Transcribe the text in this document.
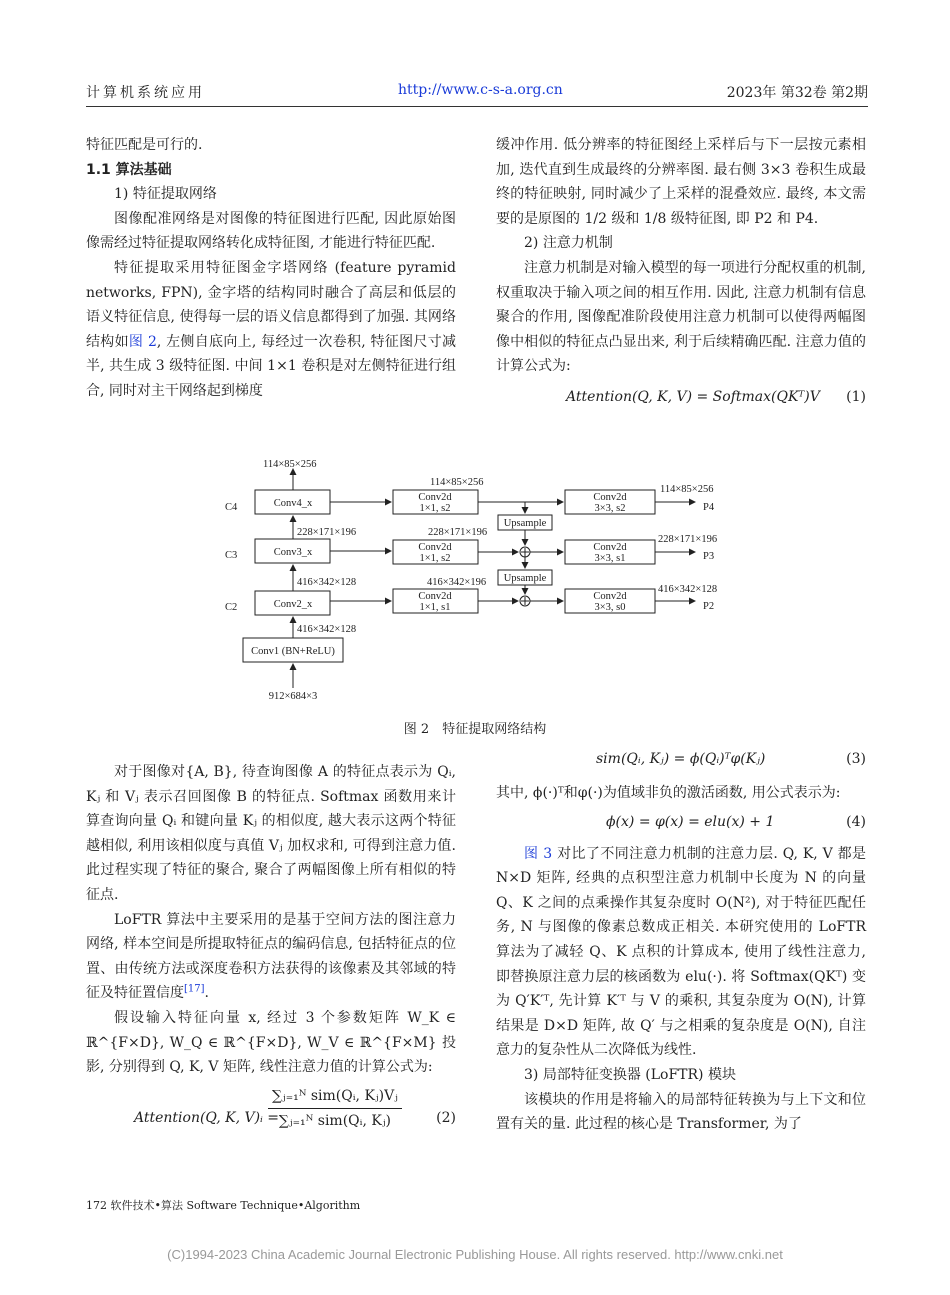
计算机系统应用	http://www.c-s-a.org.cn	2023年 第32卷 第2期

特征匹配是可行的.

1.1 算法基础

1) 特征提取网络

图像配准网络是对图像的特征图进行匹配, 因此原始图像需经过特征提取网络转化成特征图, 才能进行特征匹配.

特征提取采用特征图金字塔网络 (feature pyramid networks, FPN), 金字塔的结构同时融合了高层和低层的语义特征信息, 使得每一层的语义信息都得到了加强. 其网络结构如图 2, 左侧自底向上, 每经过一次卷积, 特征图尺寸减半, 共生成 3 级特征图. 中间 1×1 卷积是对左侧特征进行组合, 同时对主干网络起到梯度

缓冲作用. 低分辨率的特征图经上采样后与下一层按元素相加, 迭代直到生成最终的分辨率图. 最右侧 3×3 卷积生成最终的特征映射, 同时减少了上采样的混叠效应. 最终, 本文需要的是原图的 1/2 级和 1/8 级特征图, 即 P2 和 P4.

2) 注意力机制

注意力机制是对输入模型的每一项进行分配权重的机制, 权重取决于输入项之间的相互作用. 因此, 注意力机制有信息聚合的作用, 图像配准阶段使用注意力机制可以使得两幅图像中相似的特征点凸显出来, 利于后续精确匹配. 注意力值的计算公式为:

Attention(Q, K, V) = Softmax(QKᵀ)V (1)
Conv1 (BN+ReLU)
Conv2_x
Conv3_x
Conv4_x
Conv2d
1×1, s2
Conv2d
1×1, s2
Conv2d
1×1, s1
Conv2d
3×3, s2
Conv2d
3×3, s1
Conv2d
3×3, s0
Upsample
Upsample
C2
C3
C4	P4
P3
P2
912×684×3
416×342×128
416×342×128
228×171×196
114×85×256
114×85×256
228×171×196
416×342×196
114×85×256
228×171×196
416×342×128
图 2　特征提取网络结构

对于图像对{A, B}, 待查询图像 A 的特征点表示为 Qᵢ, Kⱼ 和 Vⱼ 表示召回图像 B 的特征点. Softmax 函数用来计算查询向量 Qᵢ 和键向量 Kⱼ 的相似度, 越大表示这两个特征越相似, 利用该相似度与真值 Vⱼ 加权求和, 可得到注意力值. 此过程实现了特征的聚合, 聚合了两幅图像上所有相似的特征点.

LoFTR 算法中主要采用的是基于空间方法的图注意力网络, 样本空间是所提取特征点的编码信息, 包括特征点的位置、由传统方法或深度卷积方法获得的该像素及其邻域的特征及特征置信度[17].

假设输入特征向量 x, 经过 3 个参数矩阵 W_K ∈ ℝ^{F×D}, W_Q ∈ ℝ^{F×D}, W_V ∈ ℝ^{F×M} 投影, 分别得到 Q, K, V 矩阵, 线性注意力值的计算公式为:

Attention(Q, K, V)ᵢ =
∑ⱼ₌₁ᴺ sim(Qᵢ, Kⱼ)Vⱼ
∑ⱼ₌₁ᴺ sim(Qᵢ, Kⱼ)	(2)
sim(Qᵢ, Kⱼ) = ϕ(Qᵢ)ᵀφ(Kⱼ)	(3)

其中, ϕ(·)ᵀ和φ(·)为值域非负的激活函数, 用公式表示为:

ϕ(x) = φ(x) = elu(x) + 1	(4)

图 3 对比了不同注意力机制的注意力层. Q, K, V 都是 N×D 矩阵, 经典的点积型注意力机制中长度为 N 的向量 Q、K 之间的点乘操作其复杂度时 O(N²), 对于特征匹配任务, N 与图像的像素总数成正相关. 本研究使用的 LoFTR 算法为了减轻 Q、K 点积的计算成本, 使用了线性注意力, 即替换原注意力层的核函数为 elu(·). 将 Softmax(QKᵀ) 变为 Q′K′ᵀ, 先计算 K′ᵀ 与 V 的乘积, 其复杂度为 O(N), 计算结果是 D×D 矩阵, 故 Q′ 与之相乘的复杂度是 O(N), 自注意力的复杂性从二次降低为线性.

3) 局部特征变换器 (LoFTR) 模块

该模块的作用是将输入的局部特征转换为与上下文和位置有关的量. 此过程的核心是 Transformer, 为了

172 软件技术•算法 Software Technique•Algorithm
(C)1994-2023 China Academic Journal Electronic Publishing House. All rights reserved. http://www.cnki.net
